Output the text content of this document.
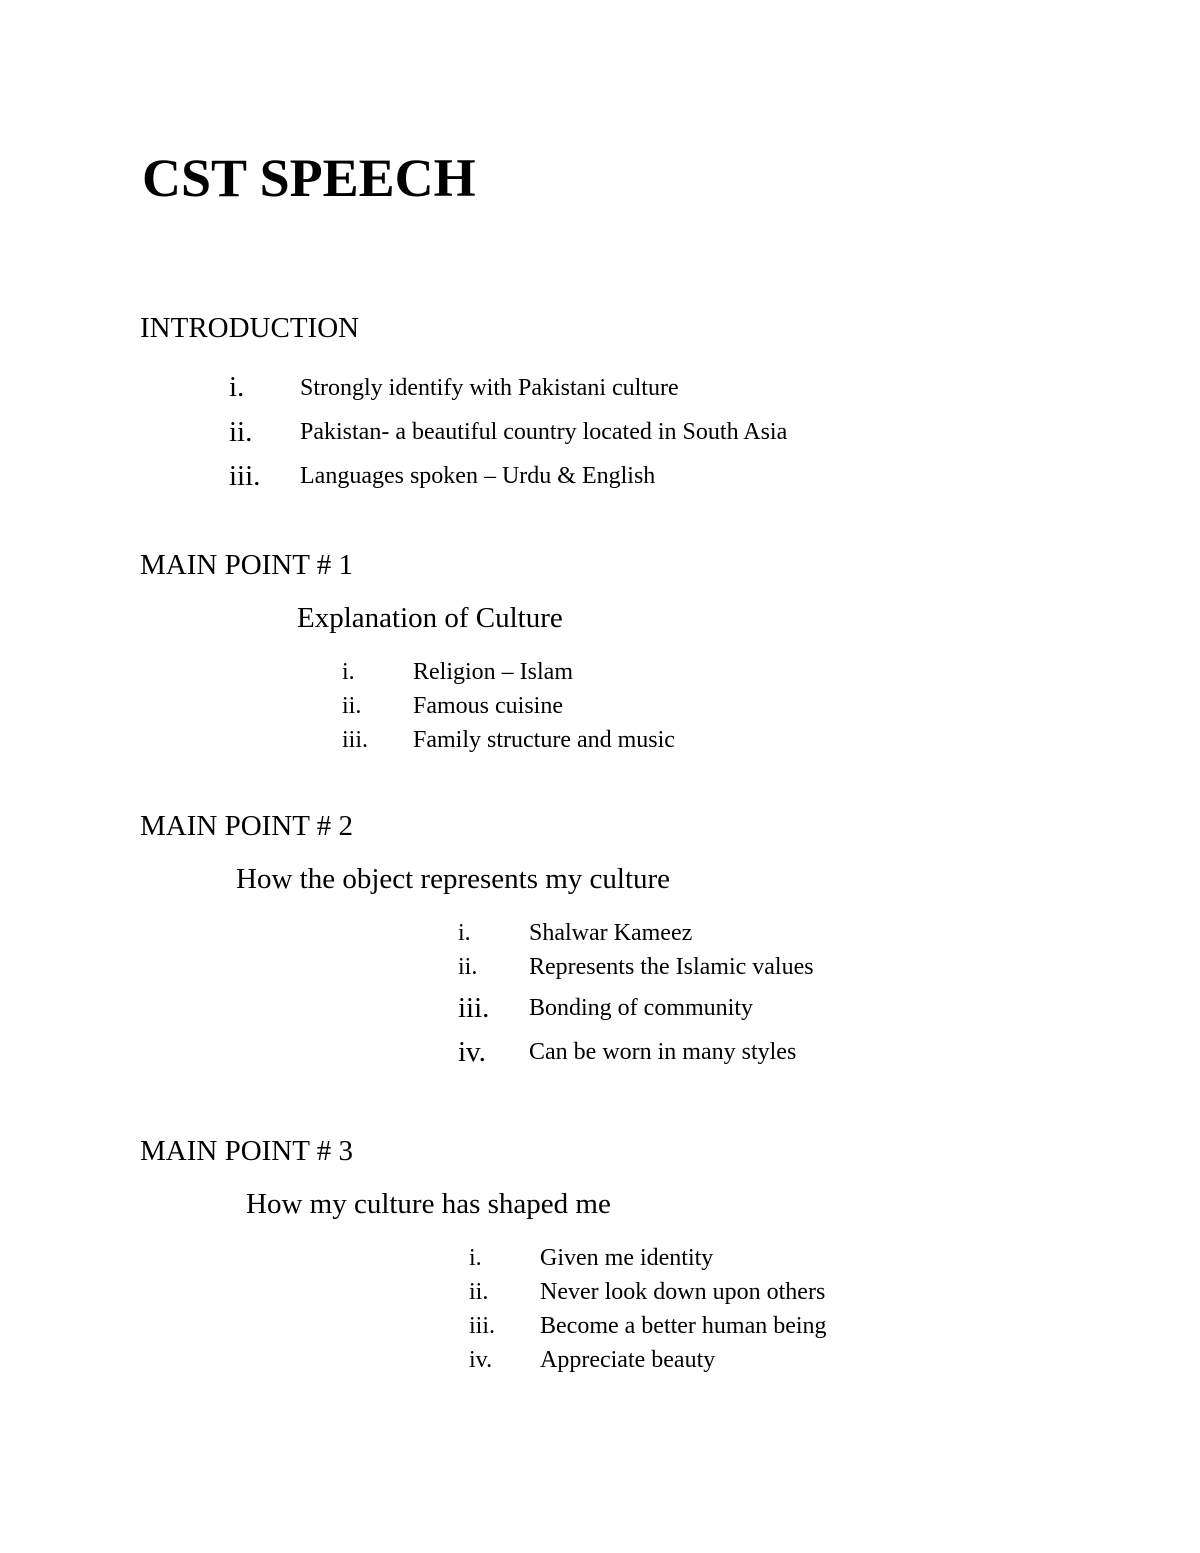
CST SPEECH
INTRODUCTION
i. Strongly identify with Pakistani culture
ii. Pakistan- a beautiful country located in South Asia
iii. Languages spoken – Urdu & English
MAIN POINT # 1
Explanation of Culture
i. Religion – Islam
ii. Famous cuisine
iii. Family structure and music
MAIN POINT # 2
How the object represents my culture
i. Shalwar Kameez
ii. Represents the Islamic values
iii. Bonding of community
iv. Can be worn in many styles
MAIN POINT # 3
How my culture has shaped me
i. Given me identity
ii. Never look down upon others
iii. Become a better human being
iv. Appreciate beauty
